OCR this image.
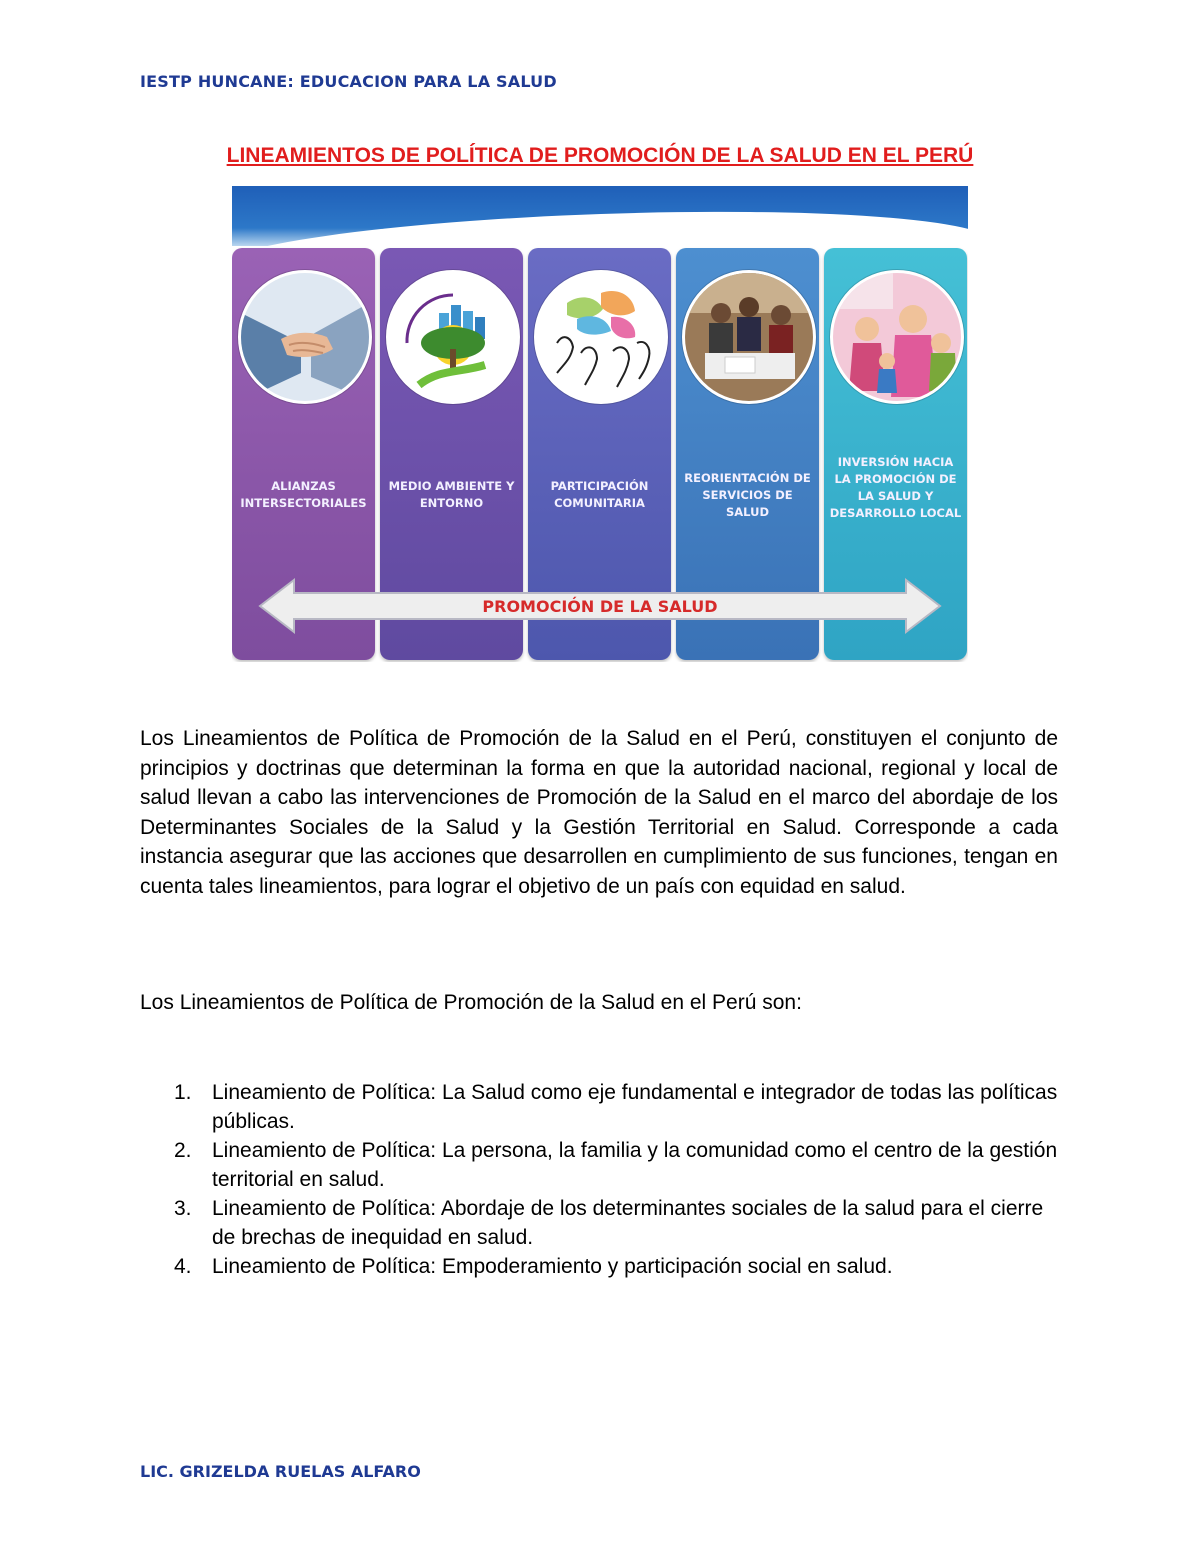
IESTP HUNCANE: EDUCACION PARA LA SALUD
LINEAMIENTOS DE POLÍTICA DE PROMOCIÓN DE LA SALUD EN EL PERÚ
ALIANZAS INTERSECTORIALES
MEDIO AMBIENTE Y ENTORNO
PARTICIPACIÓN COMUNITARIA
REORIENTACIÓN DE SERVICIOS DE SALUD
INVERSIÓN HACIA LA PROMOCIÓN DE LA SALUD Y DESARROLLO LOCAL
PROMOCIÓN DE LA SALUD
Los Lineamientos de Política de Promoción de la Salud en el Perú, constituyen el conjunto de principios y doctrinas que determinan la forma en que la autoridad nacional, regional y local de salud llevan a cabo las intervenciones de Promoción de la Salud en el marco del abordaje de los Determinantes Sociales de la Salud y la Gestión Territorial en Salud. Corresponde a cada instancia asegurar que las acciones que desarrollen en cumplimiento de sus funciones, tengan en cuenta tales lineamientos, para lograr el objetivo de un país con equidad en salud.
Los Lineamientos de Política de Promoción de la Salud en el Perú son:
1. Lineamiento de Política: La Salud como eje fundamental e integrador de todas las políticas públicas.
2. Lineamiento de Política: La persona, la familia y la comunidad como el centro de la gestión territorial en salud.
3. Lineamiento de Política: Abordaje de los determinantes sociales de la salud para el cierre de brechas de inequidad en salud.
4. Lineamiento de Política: Empoderamiento y participación social en salud.
LIC. GRIZELDA RUELAS ALFARO
